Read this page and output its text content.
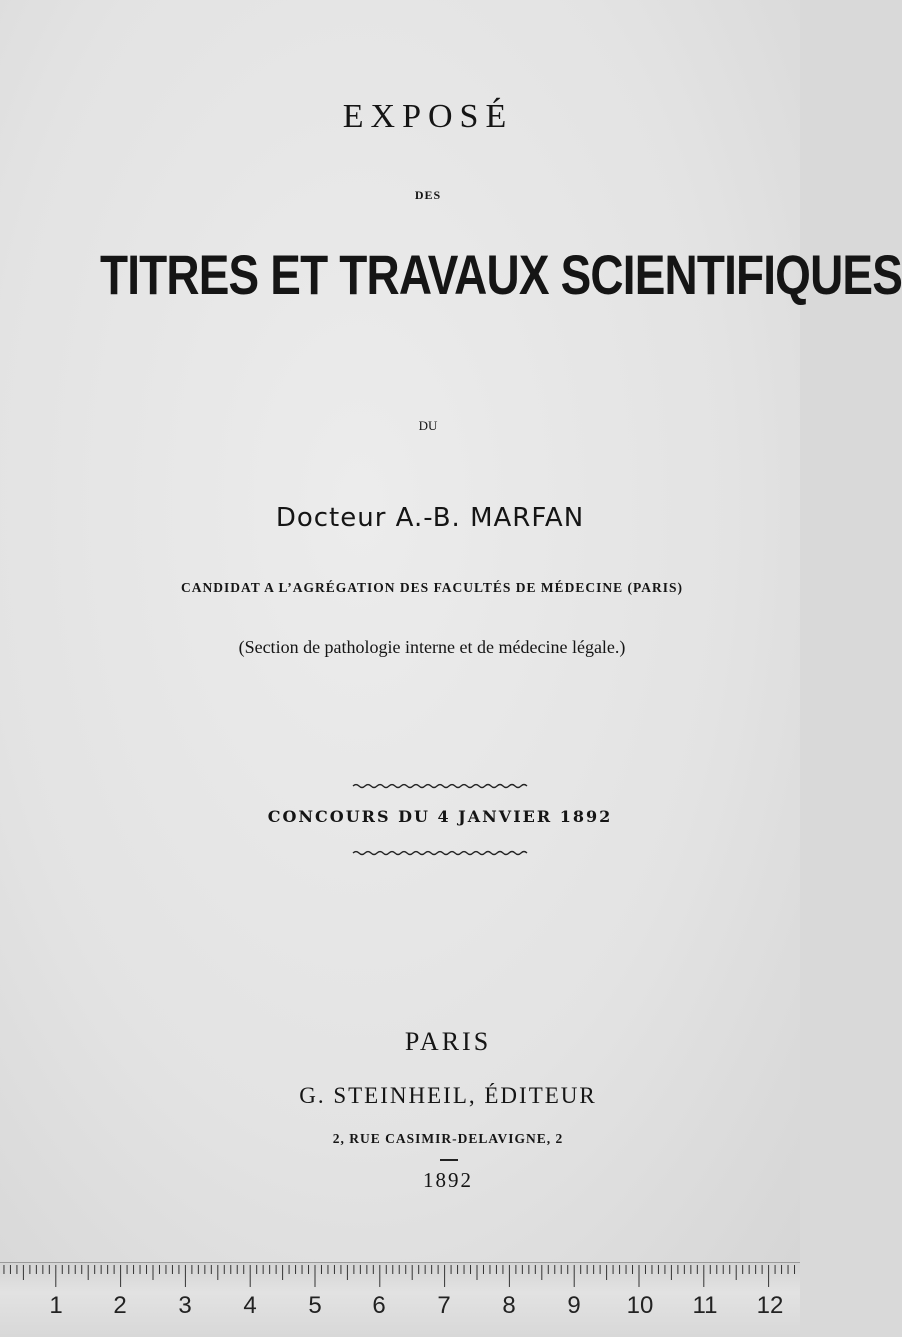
EXPOSÉ
DES
TITRES ET TRAVAUX SCIENTIFIQUES
DU
Docteur A.-B. MARFAN
CANDIDAT A L’AGRÉGATION DES FACULTÉS DE MÉDECINE (PARIS)
(Section de pathologie interne et de médecine légale.)
CONCOURS DU 4 JANVIER 1892
PARIS
G. STEINHEIL, ÉDITEUR
2, RUE CASIMIR-DELAVIGNE, 2
1892
1 2 3 4 5 6 7 8 9 10 11 12
